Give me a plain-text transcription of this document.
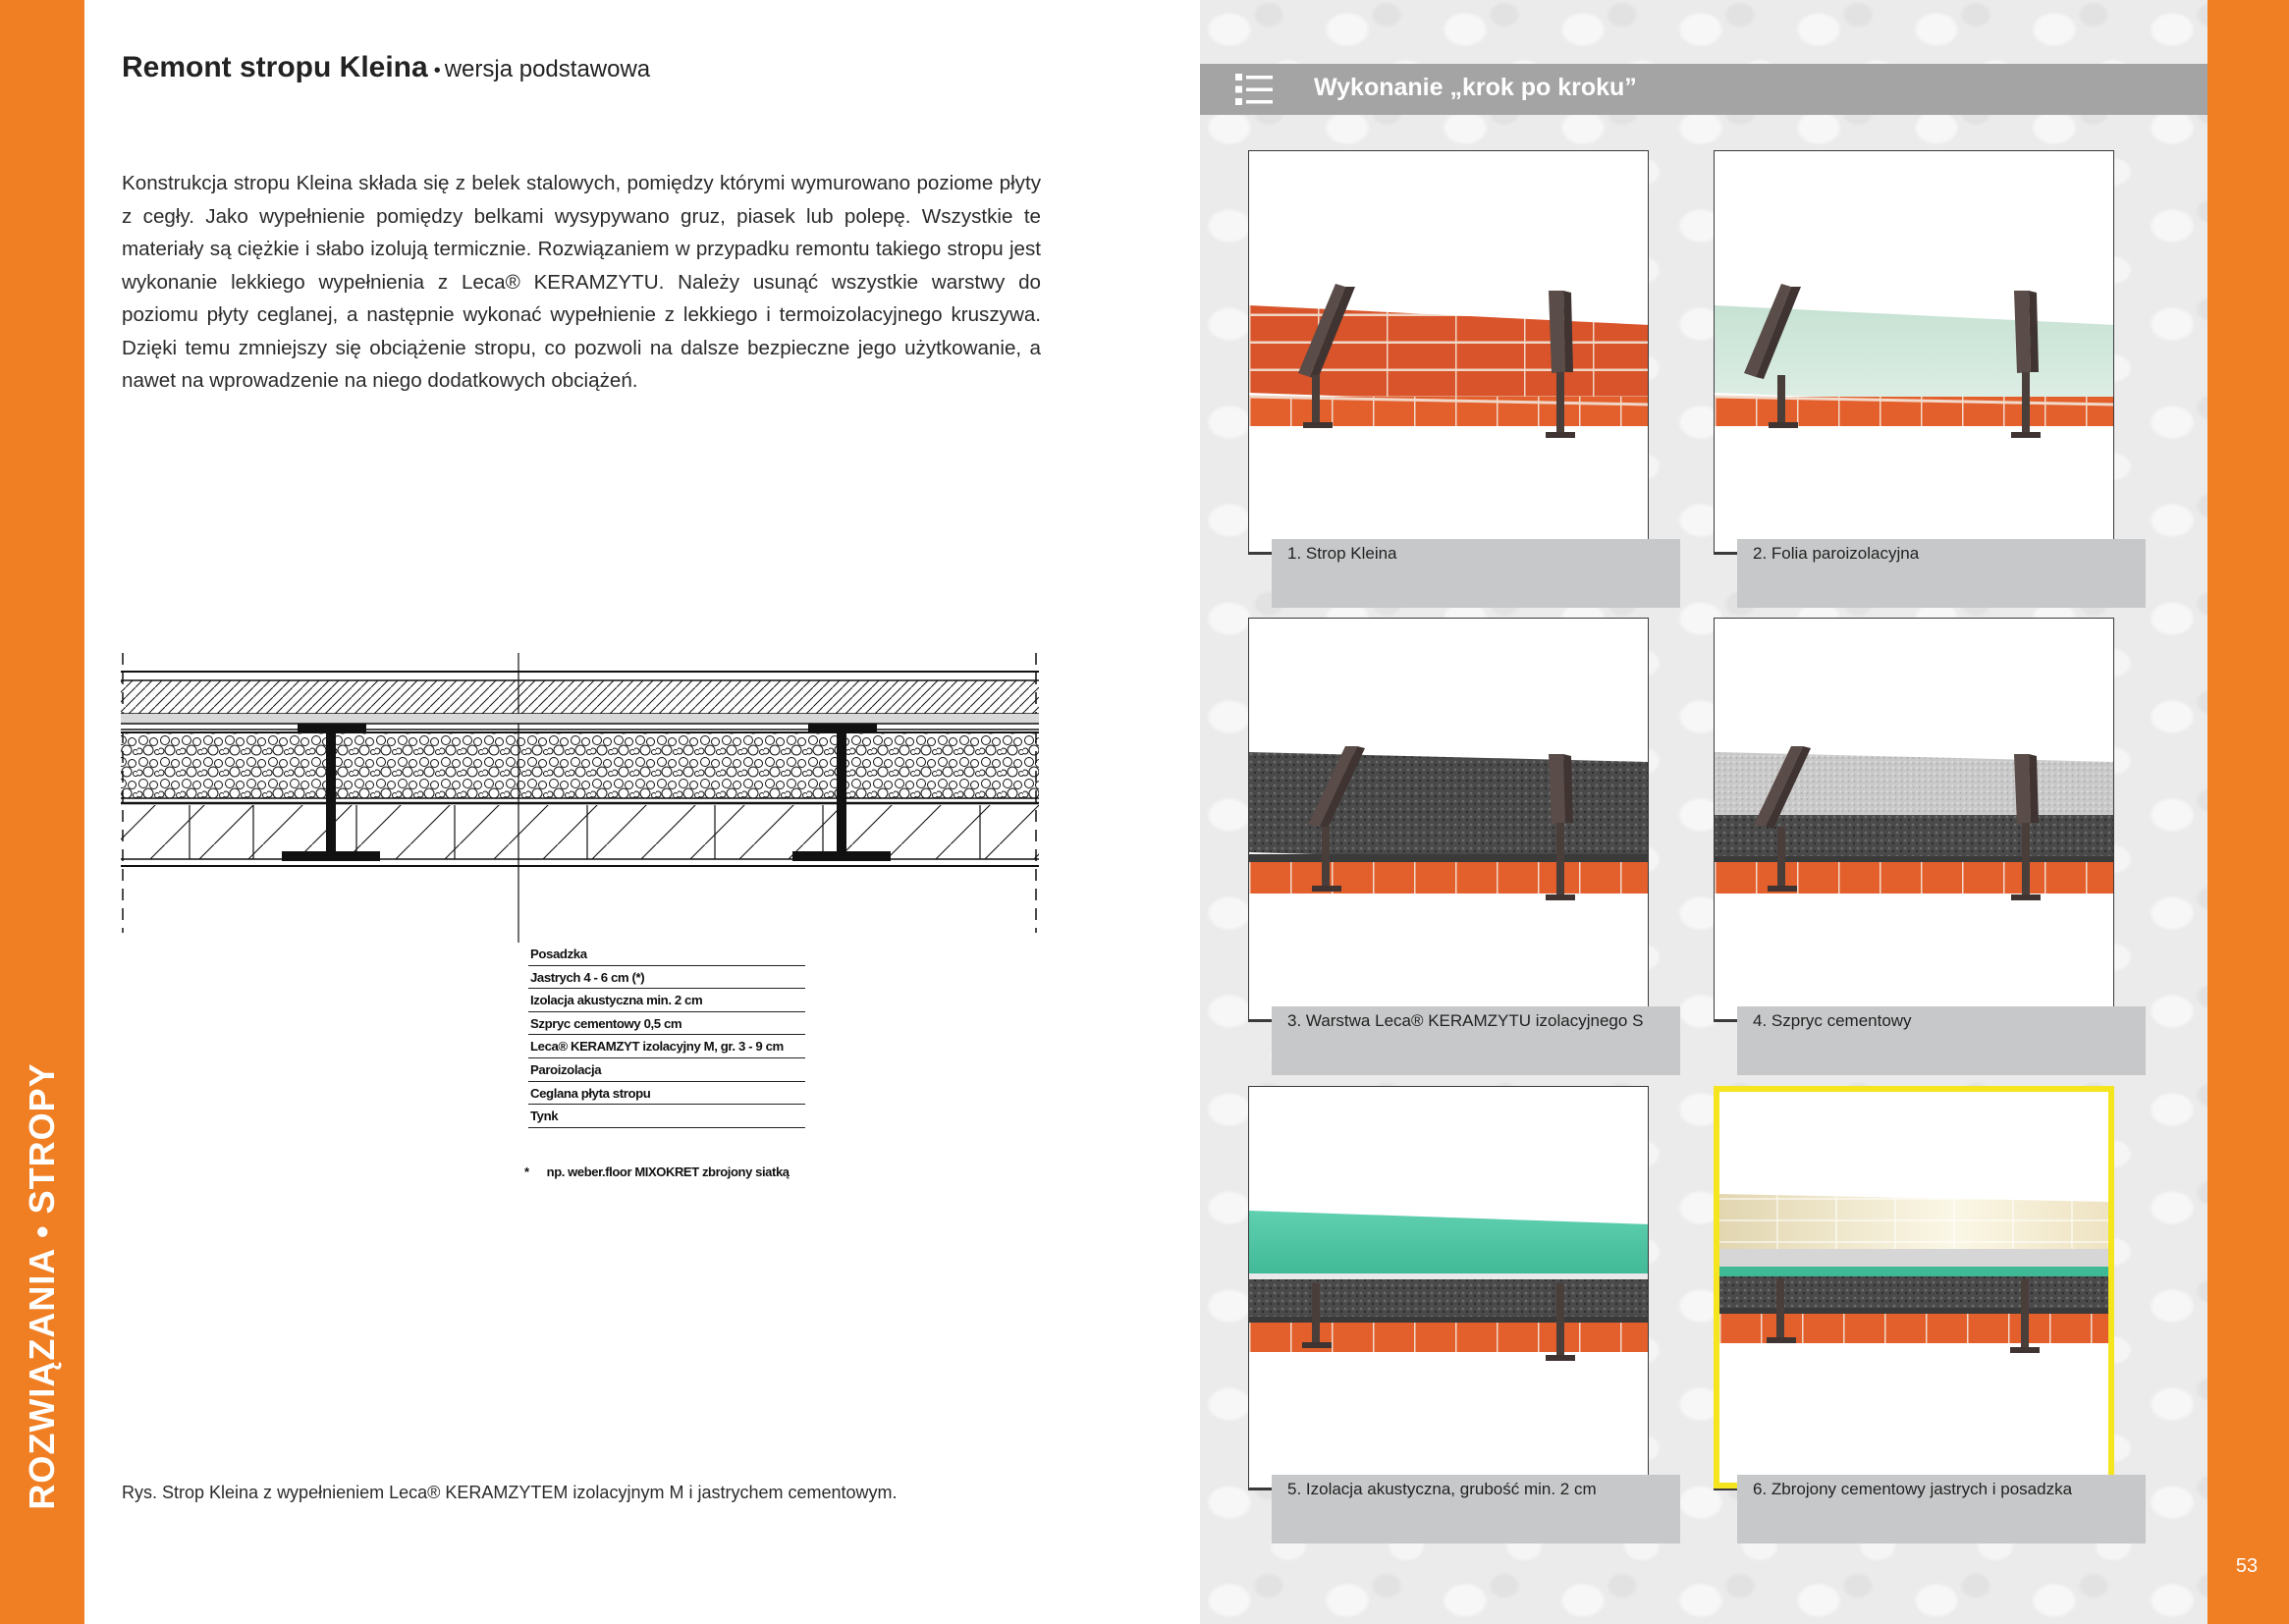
ROZWIĄZANIA • STROPY
Remont stropu Kleina • wersja podstawowa

Konstrukcja stropu Kleina składa się z belek stalowych, pomiędzy którymi wymurowano poziome płyty z cegły. Jako wypełnienie pomiędzy belkami wysypywano gruz, piasek lub polepę. Wszystkie te materiały są ciężkie i słabo izolują termicznie. Rozwiązaniem w przypadku remontu takiego stropu jest wykonanie lekkiego wypełnienia z Leca® KERAMZYTU. Należy usunąć wszystkie warstwy do poziomu płyty ceglanej, a następnie wykonać wypełnienie z lekkiego i termoizolacyjnego kruszywa. Dzięki temu zmniejszy się obciążenie stropu, co pozwoli na dalsze bezpieczne jego użytkowanie, a nawet na wprowadzenie na niego dodatkowych obciążeń.

Posadzka
Jastrych 4 - 6 cm (*)
Izolacja akustyczna min. 2 cm
Szpryc cementowy 0,5 cm
Leca® KERAMZYT izolacyjny M, gr. 3 - 9 cm
Paroizolacja
Ceglana płyta stropu
Tynk
* np. weber.floor MIXOKRET zbrojony siatką
Rys. Strop Kleina z wypełnieniem Leca® KERAMZYTEM izolacyjnym M i jastrychem cementowym.
53
Wykonanie „krok po kroku”
1. Strop Kleina	2. Folia paroizolacyjna
3. Warstwa Leca® KERAMZYTU izolacyjnego S	4. Szpryc cementowy
5. Izolacja akustyczna, grubość min. 2 cm	6. Zbrojony cementowy jastrych i posadzka
